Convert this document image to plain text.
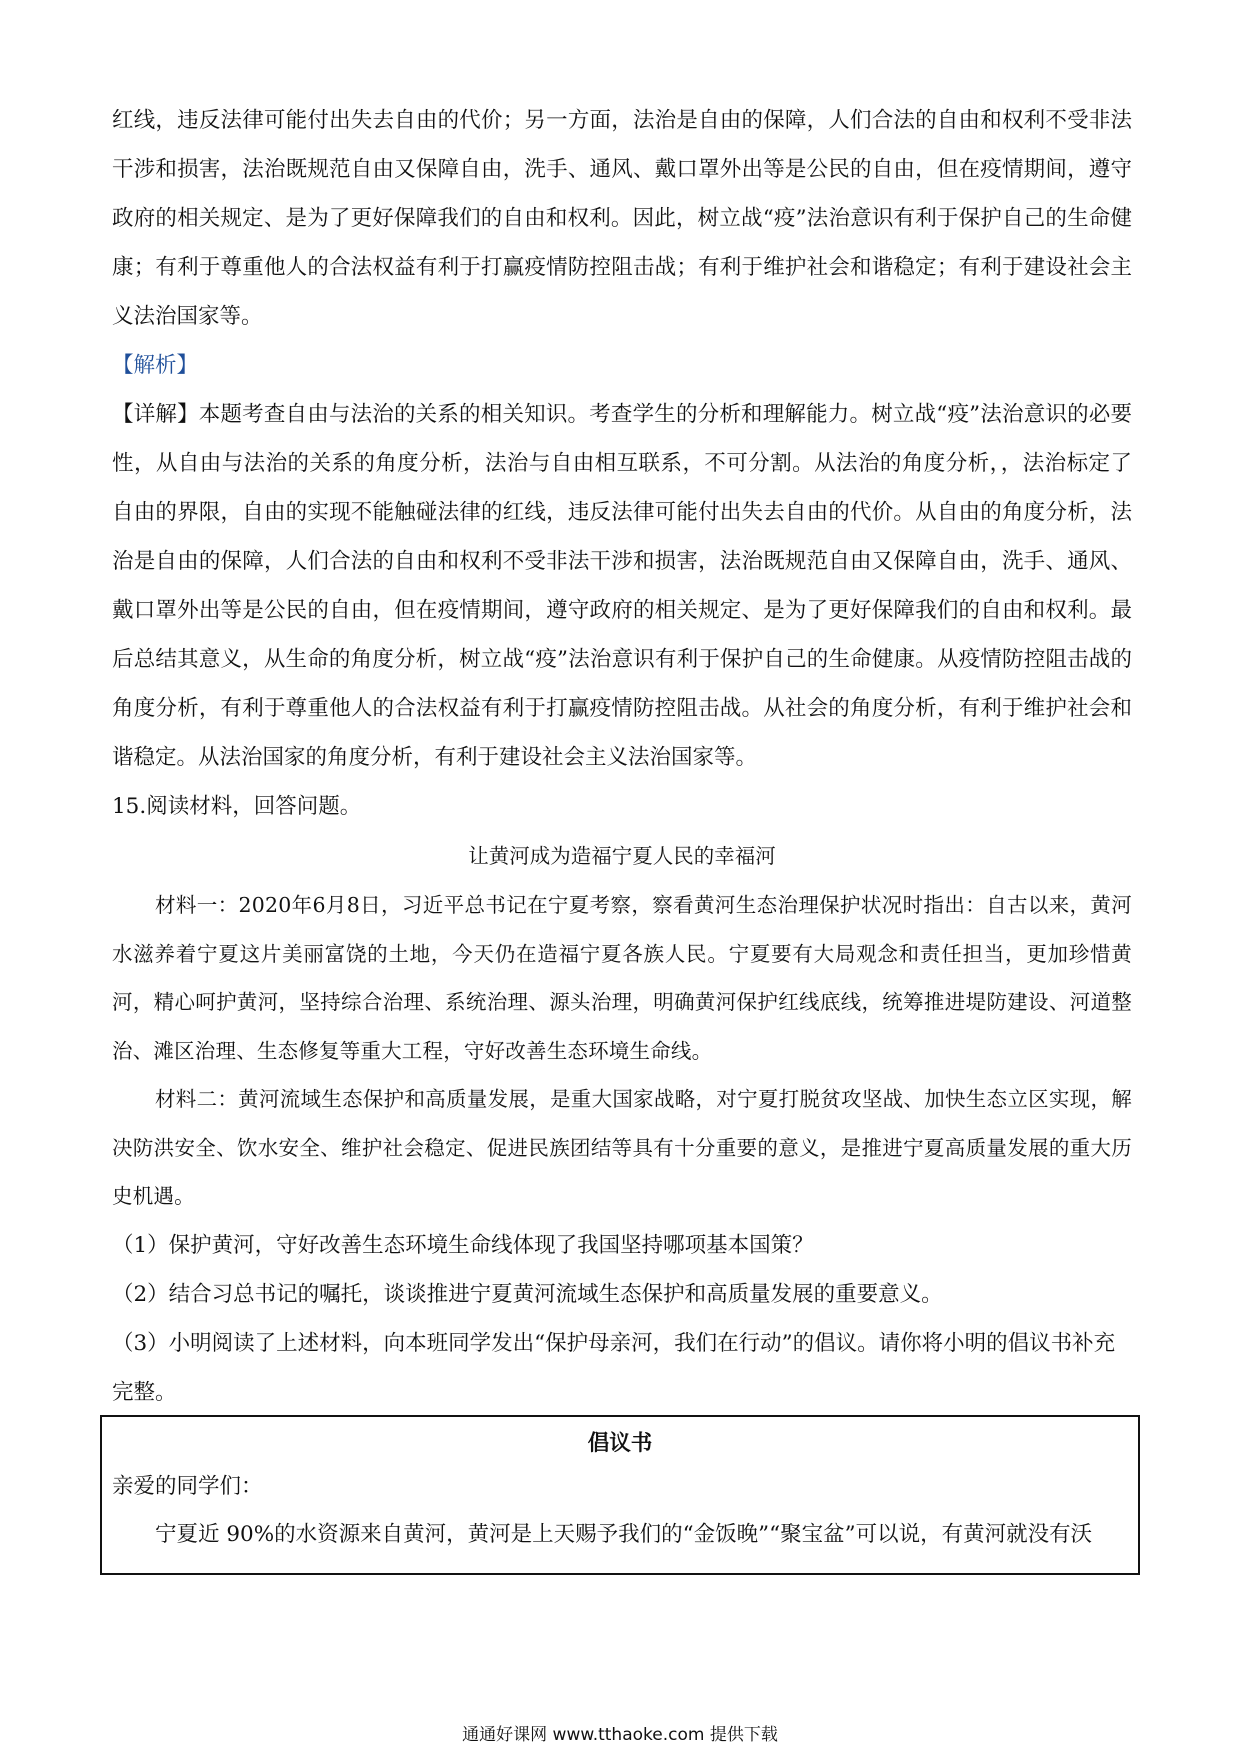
红线，违反法律可能付出失去自由的代价；另一方面，法治是自由的保障，人们合法的自由和权利不受非法干涉和损害，法治既规范自由又保障自由，洗手、通风、戴口罩外出等是公民的自由，但在疫情期间，遵守政府的相关规定、是为了更好保障我们的自由和权利。因此，树立战“疫”法治意识有利于保护自己的生命健康；有利于尊重他人的合法权益有利于打赢疫情防控阻击战；有利于维护社会和谐稳定；有利于建设社会主义法治国家等。

【解析】

【详解】本题考查自由与法治的关系的相关知识。考查学生的分析和理解能力。树立战“疫”法治意识的必要性，从自由与法治的关系的角度分析，法治与自由相互联系，不可分割。从法治的角度分析，，法治标定了自由的界限，自由的实现不能触碰法律的红线，违反法律可能付出失去自由的代价。从自由的角度分析，法治是自由的保障，人们合法的自由和权利不受非法干涉和损害，法治既规范自由又保障自由，洗手、通风、戴口罩外出等是公民的自由，但在疫情期间，遵守政府的相关规定、是为了更好保障我们的自由和权利。最后总结其意义，从生命的角度分析，树立战“疫”法治意识有利于保护自己的生命健康。从疫情防控阻击战的角度分析，有利于尊重他人的合法权益有利于打赢疫情防控阻击战。从社会的角度分析，有利于维护社会和谐稳定。从法治国家的角度分析，有利于建设社会主义法治国家等。

15.阅读材料，回答问题。

让黄河成为造福宁夏人民的幸福河

材料一：2020年6月8日，习近平总书记在宁夏考察，察看黄河生态治理保护状况时指出：自古以来，黄河水滋养着宁夏这片美丽富饶的土地，今天仍在造福宁夏各族人民。宁夏要有大局观念和责任担当，更加珍惜黄河，精心呵护黄河，坚持综合治理、系统治理、源头治理，明确黄河保护红线底线，统筹推进堤防建设、河道整治、滩区治理、生态修复等重大工程，守好改善生态环境生命线。

材料二：黄河流域生态保护和高质量发展，是重大国家战略，对宁夏打脱贫攻坚战、加快生态立区实现，解决防洪安全、饮水安全、维护社会稳定、促进民族团结等具有十分重要的意义，是推进宁夏高质量发展的重大历史机遇。

（1）保护黄河，守好改善生态环境生命线体现了我国坚持哪项基本国策？

（2）结合习总书记的嘱托，谈谈推进宁夏黄河流域生态保护和高质量发展的重要意义。

（3）小明阅读了上述材料，向本班同学发出“保护母亲河，我们在行动”的倡议。请你将小明的倡议书补充完整。

倡议书

亲爱的同学们：

宁夏近 90%的水资源来自黄河，黄河是上天赐予我们的“金饭晚”“聚宝盆”可以说，有黄河就没有沃

通通好课网 www.tthaoke.com 提供下载
